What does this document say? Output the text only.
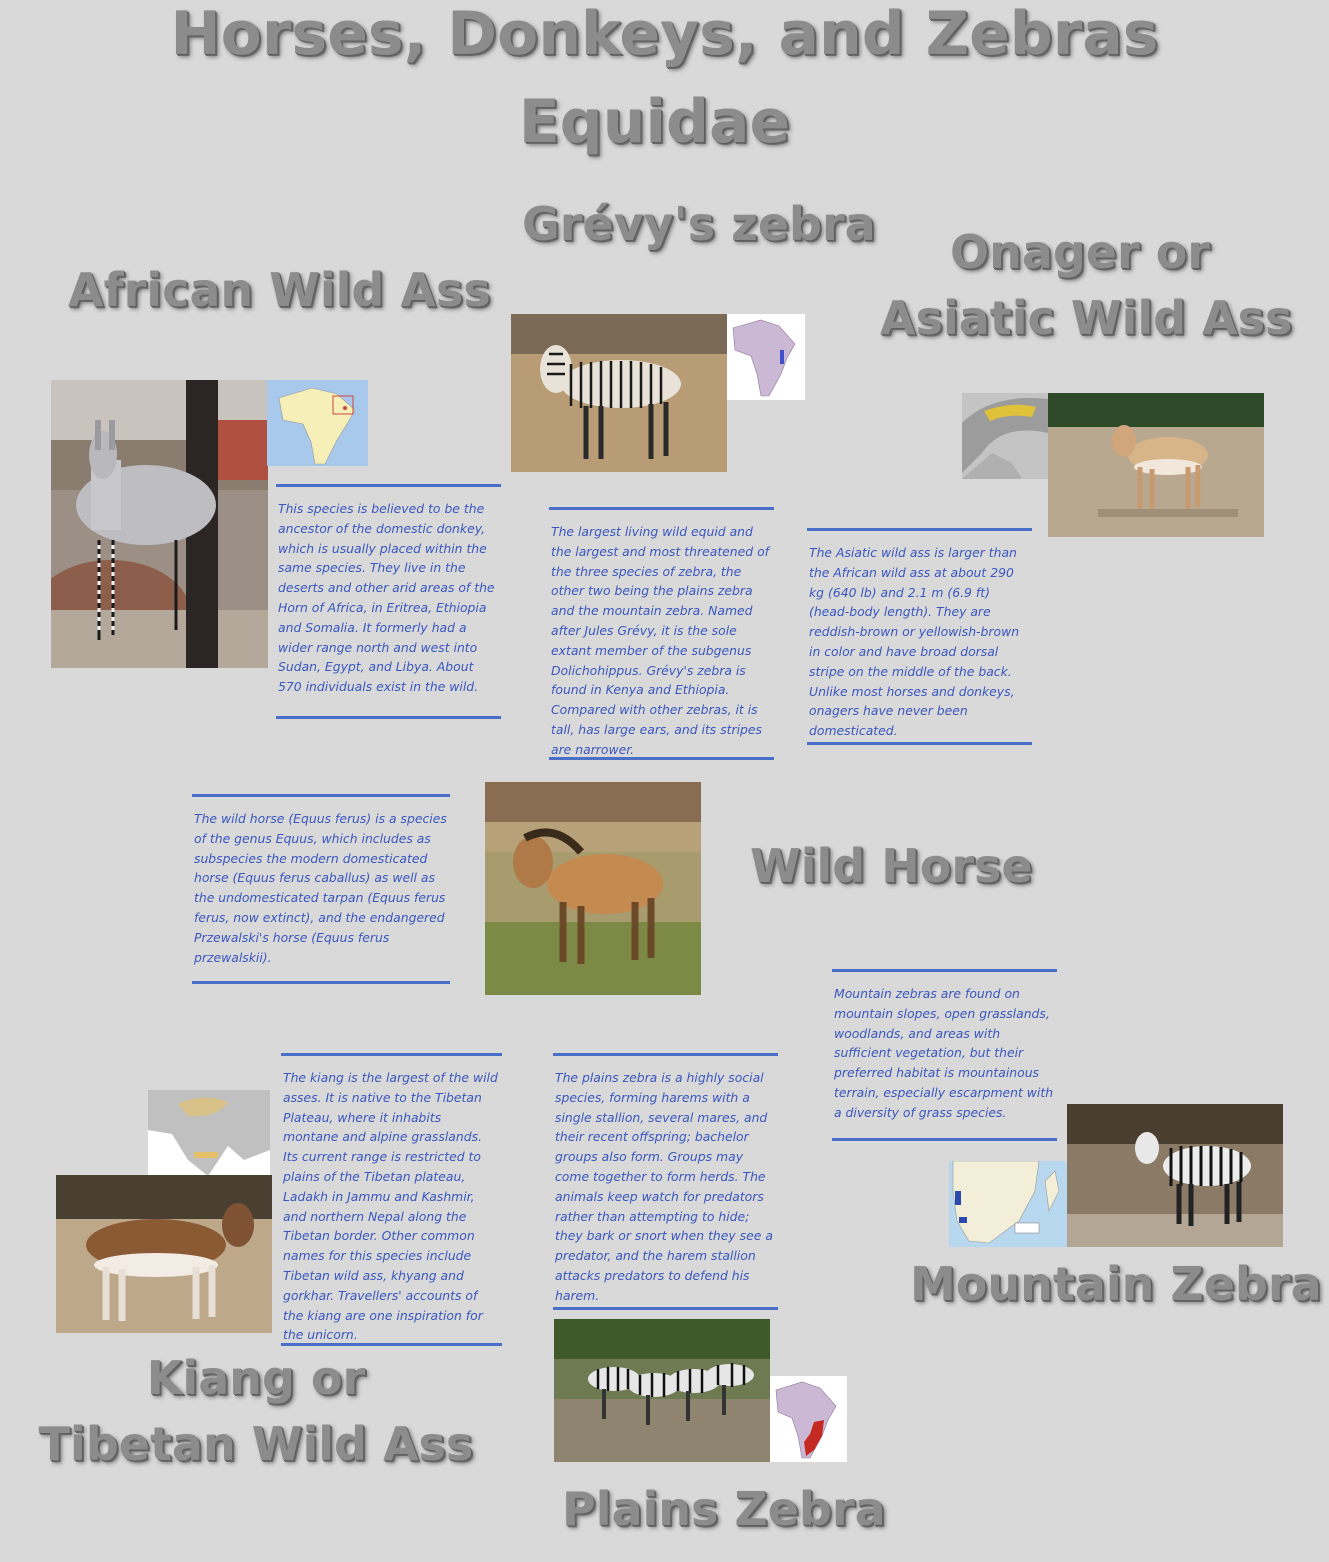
Horses, Donkeys, and Zebras
Equidae
African Wild Ass
This species is believed to be the ancestor of the domestic donkey, which is usually placed within the same species. They live in the deserts and other arid areas of the Horn of Africa, in Eritrea, Ethiopia and Somalia. It formerly had a wider range north and west into Sudan, Egypt, and Libya. About 570 individuals exist in the wild.
Grévy's zebra
The largest living wild equid and the largest and most threatened of the three species of zebra, the other two being the plains zebra and the mountain zebra. Named after Jules Grévy, it is the sole extant member of the subgenus Dolichohippus. Grévy's zebra is found in Kenya and Ethiopia. Compared with other zebras, it is tall, has large ears, and its stripes are narrower.
Onager or
Asiatic Wild Ass
The Asiatic wild ass is larger than the African wild ass at about 290 kg (640 lb) and 2.1 m (6.9 ft) (head-body length). They are reddish-brown or yellowish-brown in color and have broad dorsal stripe on the middle of the back. Unlike most horses and donkeys, onagers have never been domesticated.
The wild horse (Equus ferus) is a species of the genus Equus, which includes as subspecies the modern domesticated horse (Equus ferus caballus) as well as the undomesticated tarpan (Equus ferus ferus, now extinct), and the endangered Przewalski's horse (Equus ferus przewalskii).
Wild Horse
Mountain zebras are found on mountain slopes, open grasslands, woodlands, and areas with sufficient vegetation, but their preferred habitat is mountainous terrain, especially escarpment with a diversity of grass species.
Mountain Zebra
The kiang is the largest of the wild asses. It is native to the Tibetan Plateau, where it inhabits montane and alpine grasslands. Its current range is restricted to plains of the Tibetan plateau, Ladakh in Jammu and Kashmir, and northern Nepal along the Tibetan border. Other common names for this species include Tibetan wild ass, khyang and gorkhar. Travellers' accounts of the kiang are one inspiration for the unicorn.
Kiang or
Tibetan Wild Ass
The plains zebra is a highly social species, forming harems with a single stallion, several mares, and their recent offspring; bachelor groups also form. Groups may come together to form herds. The animals keep watch for predators rather than attempting to hide; they bark or snort when they see a predator, and the harem stallion attacks predators to defend his harem.
Plains Zebra
